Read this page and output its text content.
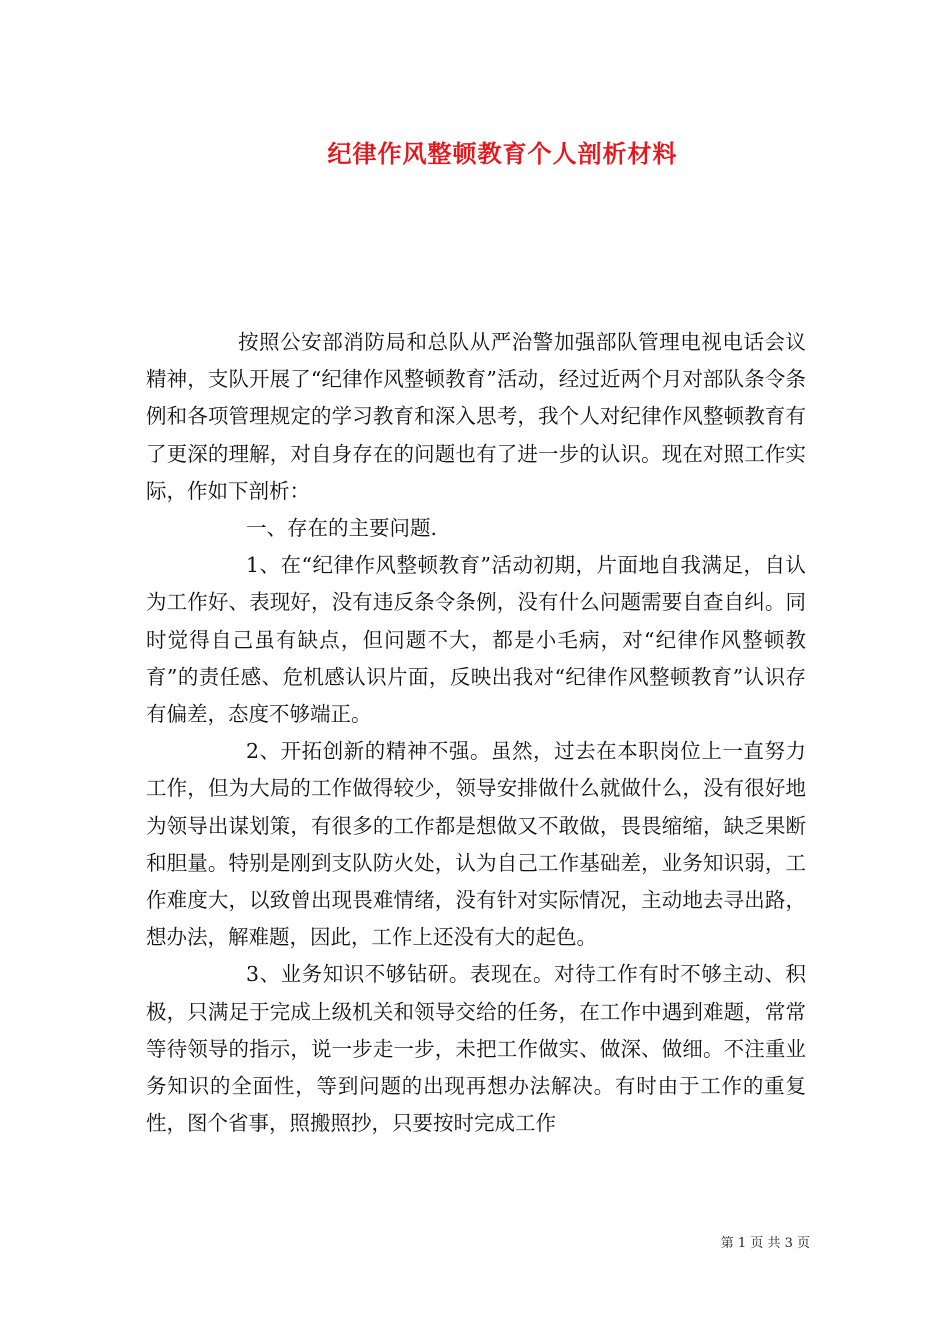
纪律作风整顿教育个人剖析材料

按照公安部消防局和总队从严治警加强部队管理电视电话会议精神，支队开展了“纪律作风整顿教育”活动，经过近两个月对部队条令条例和各项管理规定的学习教育和深入思考，我个人对纪律作风整顿教育有了更深的理解，对自身存在的问题也有了进一步的认识。现在对照工作实际，作如下剖析：

一、存在的主要问题.

1、在“纪律作风整顿教育”活动初期，片面地自我满足，自认为工作好、表现好，没有违反条令条例，没有什么问题需要自查自纠。同时觉得自己虽有缺点，但问题不大，都是小毛病，对“纪律作风整顿教育”的责任感、危机感认识片面，反映出我对“纪律作风整顿教育”认识存有偏差，态度不够端正。

2、开拓创新的精神不强。虽然，过去在本职岗位上一直努力工作，但为大局的工作做得较少，领导安排做什么就做什么，没有很好地为领导出谋划策，有很多的工作都是想做又不敢做，畏畏缩缩，缺乏果断和胆量。特别是刚到支队防火处，认为自己工作基础差，业务知识弱，工作难度大，以致曾出现畏难情绪，没有针对实际情况，主动地去寻出路，想办法，解难题，因此，工作上还没有大的起色。

3、业务知识不够钻研。表现在。对待工作有时不够主动、积极，只满足于完成上级机关和领导交给的任务，在工作中遇到难题，常常等待领导的指示，说一步走一步，未把工作做实、做深、做细。不注重业务知识的全面性，等到问题的出现再想办法解决。有时由于工作的重复性，图个省事，照搬照抄，只要按时完成工作

第 1 页 共 3 页
